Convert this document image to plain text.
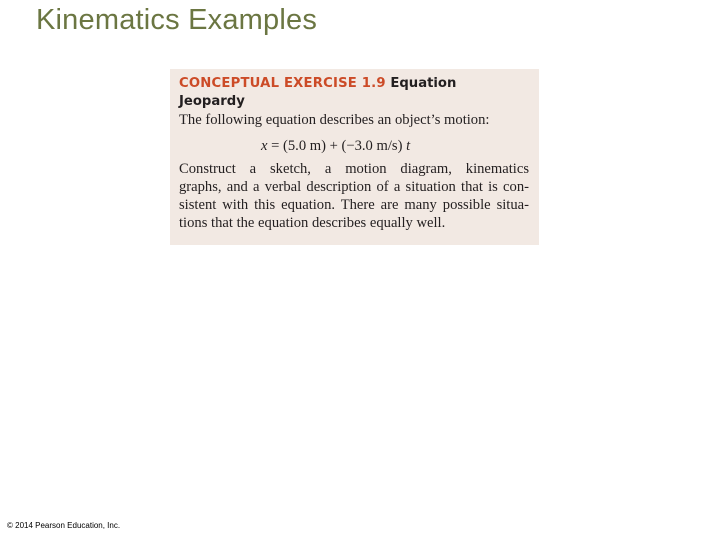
Kinematics Examples

CONCEPTUAL EXERCISE 1.9 Equation
Jeopardy

The following equation describes an object’s motion:

x = (5.0 m) + (−3.0 m/s) t

Construct a sketch, a motion diagram, kinematics

graphs, and a verbal description of a situation that is con-

sistent with this equation. There are many possible situa-

tions that the equation describes equally well.

© 2014 Pearson Education, Inc.
